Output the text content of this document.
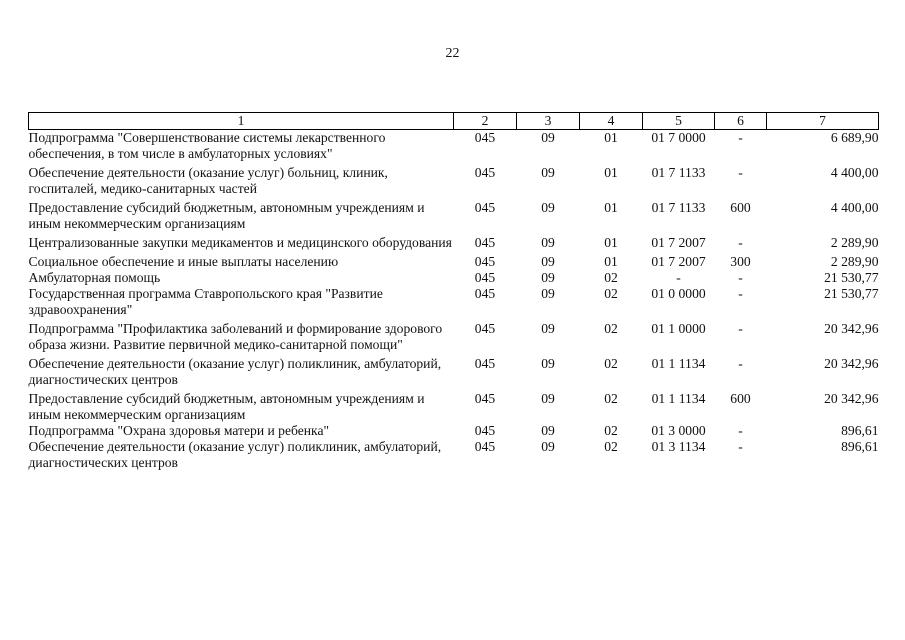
22
1	2	3	4	5	6	7
Подпрограмма "Совершенствование системы лекарственного обеспечения, в том числе в амбулаторных условиях"	045	09	01	01 7 0000	-	6 689,90
Обеспечение деятельности (оказание услуг) больниц, клиник, госпиталей, медико-санитарных частей	045	09	01	01 7 1133	-	4 400,00
Предоставление субсидий бюджетным, автономным учреждениям и иным некоммерческим организациям	045	09	01	01 7 1133	600	4 400,00
Централизованные закупки медикаментов и медицинского оборудования	045	09	01	01 7 2007	-	2 289,90
Социальное обеспечение и иные выплаты населению	045	09	01	01 7 2007	300	2 289,90
Амбулаторная помощь	045	09	02	-	-	21 530,77
Государственная программа Ставропольского края "Развитие здравоохранения"	045	09	02	01 0 0000	-	21 530,77
Подпрограмма "Профилактика заболеваний и формирование здорового образа жизни. Развитие первичной медико-санитарной помощи"	045	09	02	01 1 0000	-	20 342,96
Обеспечение деятельности (оказание услуг) поликлиник, амбулаторий, диагностических центров	045	09	02	01 1 1134	-	20 342,96
Предоставление субсидий бюджетным, автономным учреждениям и иным некоммерческим организациям	045	09	02	01 1 1134	600	20 342,96
Подпрограмма "Охрана здоровья матери и ребенка"	045	09	02	01 3 0000	-	896,61
Обеспечение деятельности (оказание услуг) поликлиник, амбулаторий, диагностических центров	045	09	02	01 3 1134	-	896,61
